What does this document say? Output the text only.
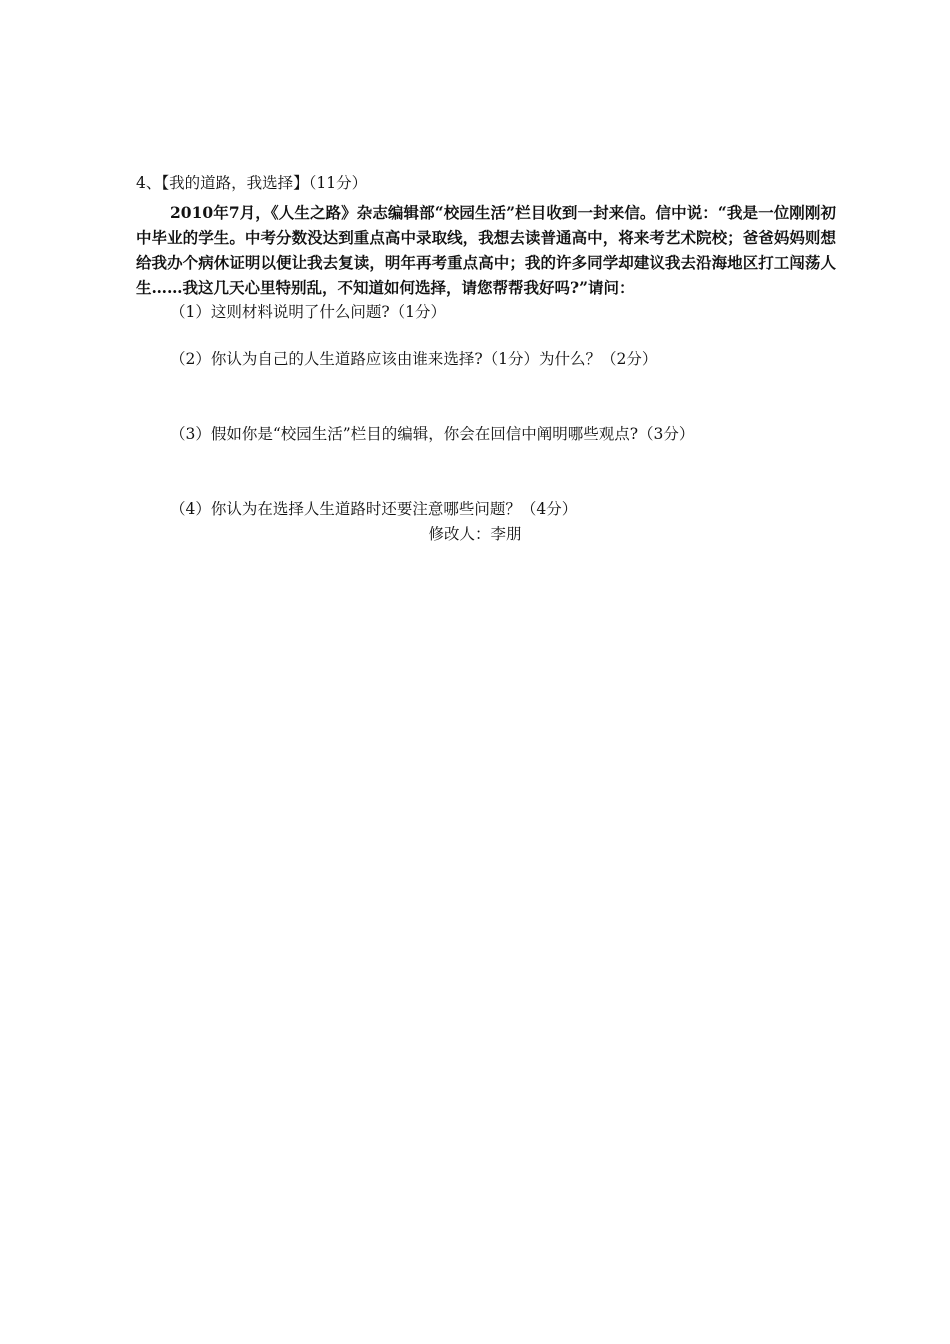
4、【我的道路，我选择】（11分）
2010年7月，《人生之路》杂志编辑部“校园生活”栏目收到一封来信。信中说：“我是一位刚刚初中毕业的学生。中考分数没达到重点高中录取线，我想去读普通高中，将来考艺术院校；爸爸妈妈则想给我办个病休证明以便让我去复读，明年再考重点高中；我的许多同学却建议我去沿海地区打工闯荡人生……我这几天心里特别乱，不知道如何选择，请您帮帮我好吗?”请问：
（1）这则材料说明了什么问题?（1分）
（2）你认为自己的人生道路应该由谁来选择?（1分）为什么？（2分）
（3）假如你是“校园生活”栏目的编辑，你会在回信中阐明哪些观点?（3分）
（4）你认为在选择人生道路时还要注意哪些问题？（4分）
修改人：李朋
